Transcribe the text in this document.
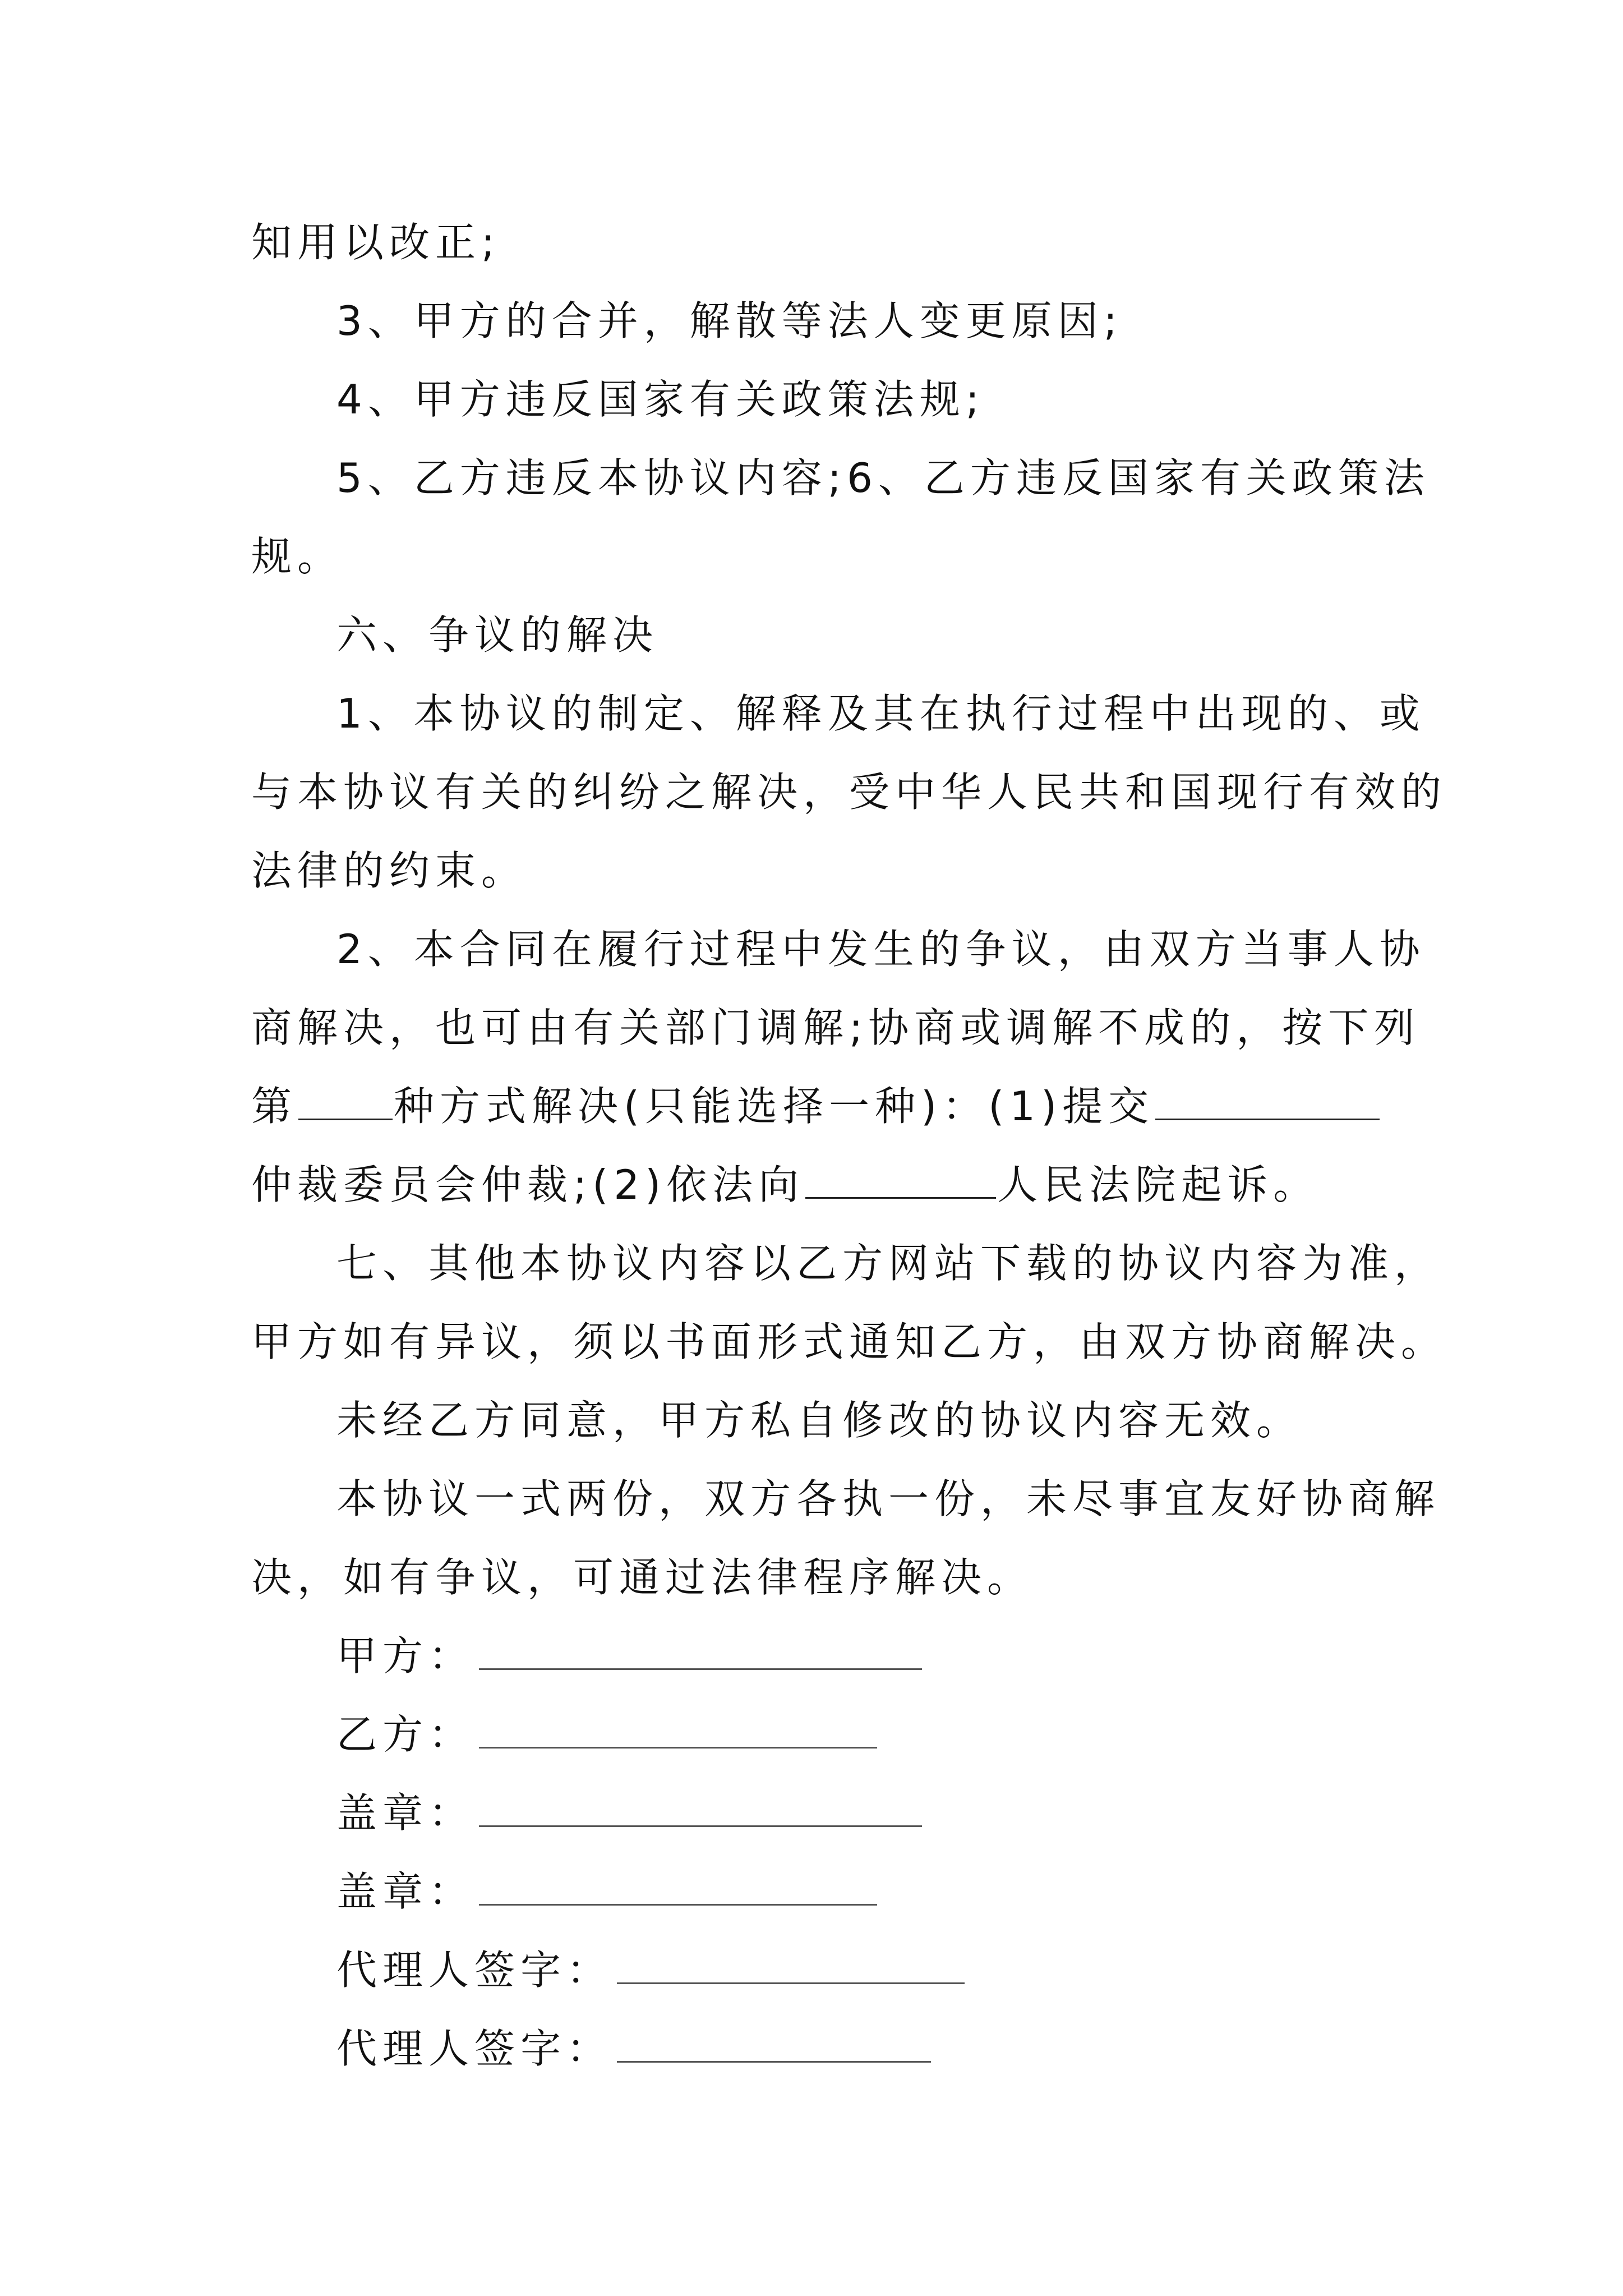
知用以改正;
3、甲方的合并，解散等法人变更原因;
4、甲方违反国家有关政策法规;
5、乙方违反本协议内容;6、乙方违反国家有关政策法
规。
六、争议的解决
1、本协议的制定、解释及其在执行过程中出现的、或
与本协议有关的纠纷之解决，受中华人民共和国现行有效的
法律的约束。
2、本合同在履行过程中发生的争议，由双方当事人协
商解决，也可由有关部门调解;协商或调解不成的，按下列
第 种方式解决(只能选择一种)：(1)提交
仲裁委员会仲裁;(2)依法向	人民法院起诉。
七、其他本协议内容以乙方网站下载的协议内容为准，
甲方如有异议，须以书面形式通知乙方，由双方协商解决。
未经乙方同意，甲方私自修改的协议内容无效。
本协议一式两份，双方各执一份，未尽事宜友好协商解
决，如有争议，可通过法律程序解决。
甲方：
乙方：
盖章：
盖章：
代理人签字：
代理人签字：
